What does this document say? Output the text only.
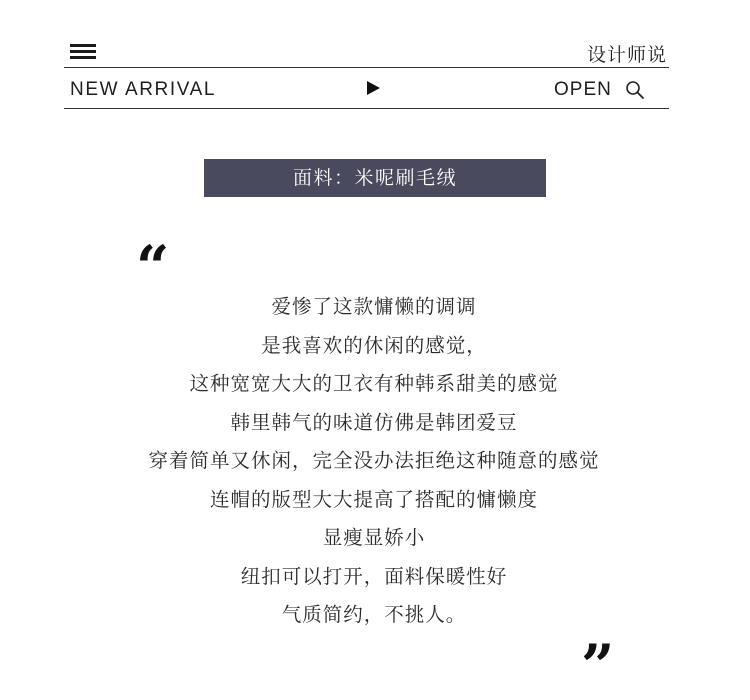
设计师说
NEW ARRIVAL	OPEN
面料：米呢刷毛绒
“
爱惨了这款慵懒的调调
是我喜欢的休闲的感觉，
这种宽宽大大的卫衣有种韩系甜美的感觉
韩里韩气的味道仿佛是韩团爱豆
穿着简单又休闲，完全没办法拒绝这种随意的感觉
连帽的版型大大提高了搭配的慵懒度
显瘦显娇小
纽扣可以打开，面料保暖性好
气质简约，不挑人。
”
